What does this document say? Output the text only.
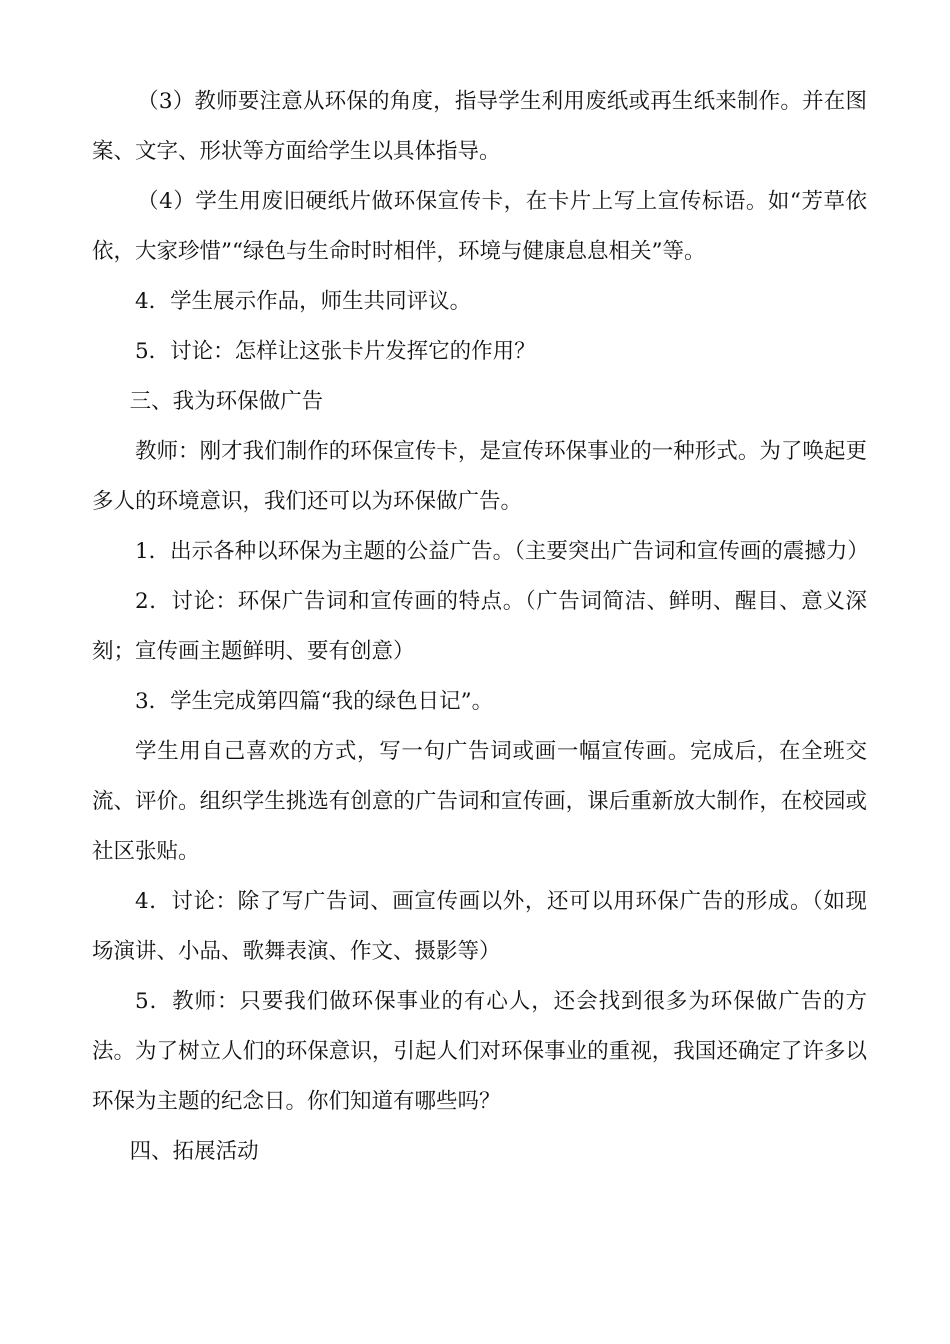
（3）教师要注意从环保的角度，指导学生利用废纸或再生纸来制作。并在图案、文字、形状等方面给学生以具体指导。

（4）学生用废旧硬纸片做环保宣传卡，在卡片上写上宣传标语。如“芳草依依，大家珍惜”“绿色与生命时时相伴，环境与健康息息相关”等。

4．学生展示作品，师生共同评议。

5．讨论：怎样让这张卡片发挥它的作用？

三、我为环保做广告

教师：刚才我们制作的环保宣传卡，是宣传环保事业的一种形式。为了唤起更多人的环境意识，我们还可以为环保做广告。

1．出示各种以环保为主题的公益广告。（主要突出广告词和宣传画的震撼力）

2．讨论：环保广告词和宣传画的特点。（广告词简洁、鲜明、醒目、意义深刻；宣传画主题鲜明、要有创意）

3．学生完成第四篇“我的绿色日记”。

学生用自己喜欢的方式，写一句广告词或画一幅宣传画。完成后，在全班交流、评价。组织学生挑选有创意的广告词和宣传画，课后重新放大制作，在校园或社区张贴。

4．讨论：除了写广告词、画宣传画以外，还可以用环保广告的形成。（如现场演讲、小品、歌舞表演、作文、摄影等）

5．教师：只要我们做环保事业的有心人，还会找到很多为环保做广告的方法。为了树立人们的环保意识，引起人们对环保事业的重视，我国还确定了许多以环保为主题的纪念日。你们知道有哪些吗？

四、拓展活动
